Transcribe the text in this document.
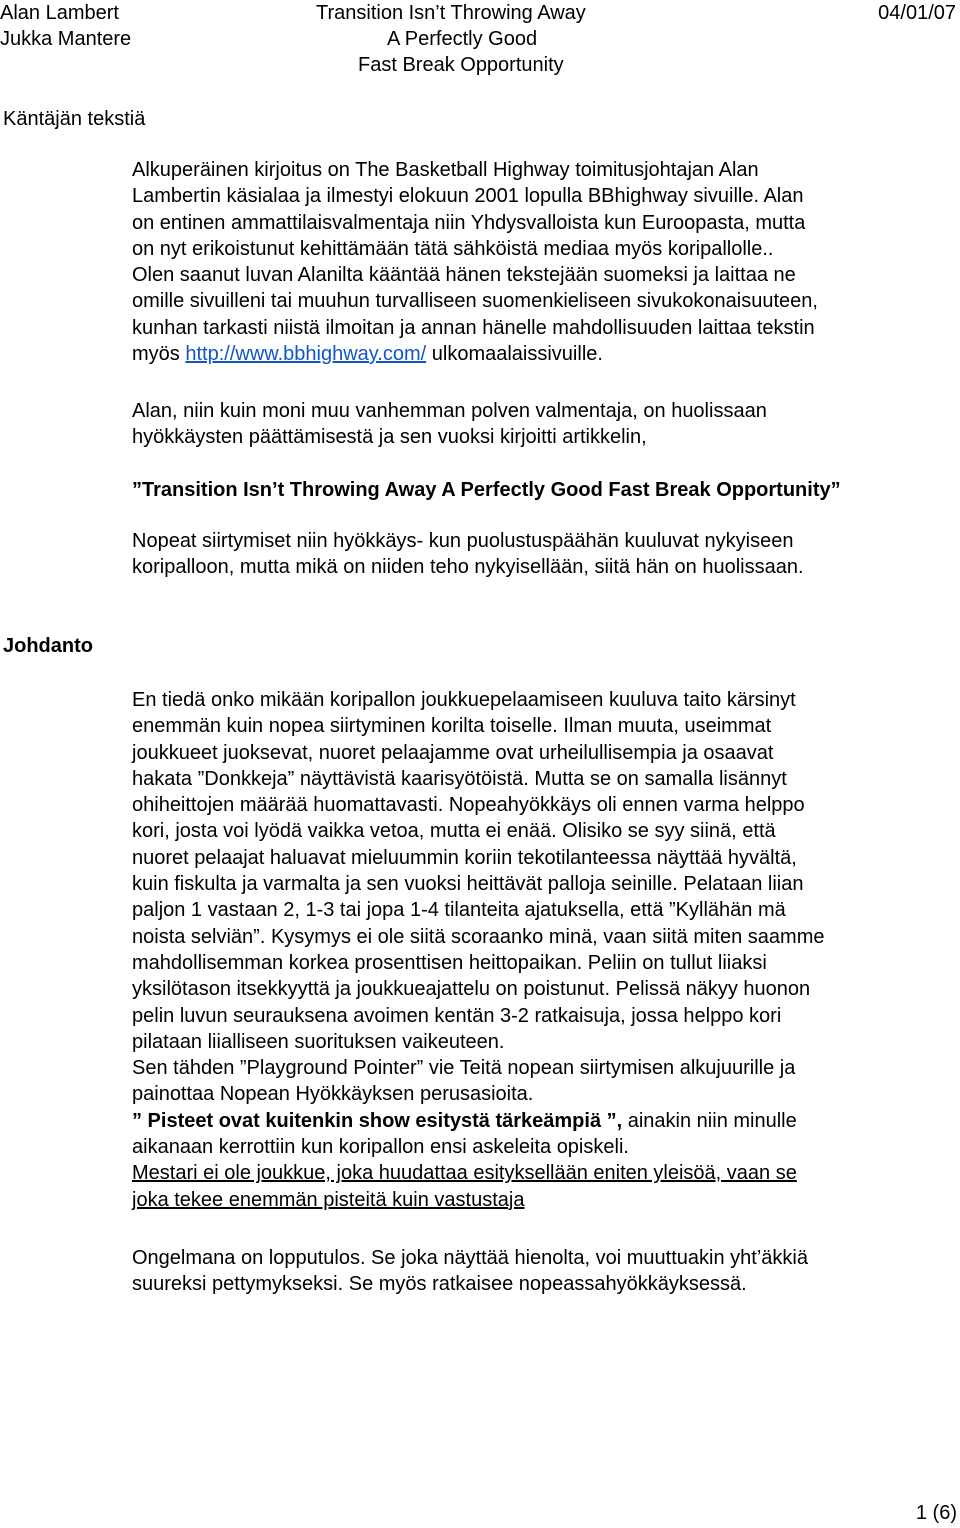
Alan Lambert
Jukka Mantere
Transition Isn’t Throwing Away
A Perfectly Good
Fast Break Opportunity
04/01/07
Käntäjän tekstiä
Alkuperäinen kirjoitus on The Basketball Highway toimitusjohtajan Alan
Lambertin käsialaa ja ilmestyi elokuun 2001 lopulla BBhighway sivuille. Alan
on entinen ammattilaisvalmentaja niin Yhdysvalloista kun Euroopasta, mutta
on nyt erikoistunut kehittämään tätä sähköistä mediaa myös koripallolle..
Olen saanut luvan Alanilta kääntää hänen tekstejään suomeksi ja laittaa ne
omille sivuilleni tai muuhun turvalliseen suomenkieliseen sivukokonaisuuteen,
kunhan tarkasti niistä ilmoitan ja annan hänelle mahdollisuuden laittaa tekstin
myös http://www.bbhighway.com/ ulkomaalaissivuille.
Alan, niin kuin moni muu vanhemman polven valmentaja, on huolissaan
hyökkäysten päättämisestä ja sen vuoksi kirjoitti artikkelin,
”Transition Isn’t Throwing Away A Perfectly Good Fast Break Opportunity”
Nopeat siirtymiset niin hyökkäys- kun puolustuspäähän kuuluvat nykyiseen
koripalloon, mutta mikä on niiden teho nykyisellään, siitä hän on huolissaan.
Johdanto
En tiedä onko mikään koripallon joukkuepelaamiseen kuuluva taito kärsinyt
enemmän kuin nopea siirtyminen korilta toiselle. Ilman muuta, useimmat
joukkueet juoksevat, nuoret pelaajamme ovat urheilullisempia ja osaavat
hakata ”Donkkeja” näyttävistä kaarisyötöistä. Mutta se on samalla lisännyt
ohiheittojen määrää huomattavasti. Nopeahyökkäys oli ennen varma helppo
kori, josta voi lyödä vaikka vetoa, mutta ei enää. Olisiko se syy siinä, että
nuoret pelaajat haluavat mieluummin koriin tekotilanteessa näyttää hyvältä,
kuin fiskulta ja varmalta ja sen vuoksi heittävät palloja seinille. Pelataan liian
paljon 1 vastaan 2, 1-3 tai jopa 1-4 tilanteita ajatuksella, että ”Kyllähän mä
noista selviän”. Kysymys ei ole siitä scoraanko minä, vaan siitä miten saamme
mahdollisemman korkea prosenttisen heittopaikan. Peliin on tullut liiaksi
yksilötason itsekkyyttä ja joukkueajattelu on poistunut. Pelissä näkyy huonon
pelin luvun seurauksena avoimen kentän 3-2 ratkaisuja, jossa helppo kori
pilataan liialliseen suorituksen vaikeuteen.
Sen tähden ”Playground Pointer” vie Teitä nopean siirtymisen alkujuurille ja
painottaa Nopean Hyökkäyksen perusasioita.
” Pisteet ovat kuitenkin show esitystä tärkeämpiä ”, ainakin niin minulle
aikanaan kerrottiin kun koripallon ensi askeleita opiskeli.
Mestari ei ole joukkue, joka huudattaa esityksellään eniten yleisöä, vaan se
joka tekee enemmän pisteitä kuin vastustaja
Ongelmana on lopputulos. Se joka näyttää hienolta, voi muuttuakin yht’äkkiä
suureksi pettymykseksi. Se myös ratkaisee nopeassahyökkäyksessä.
1 (6)
